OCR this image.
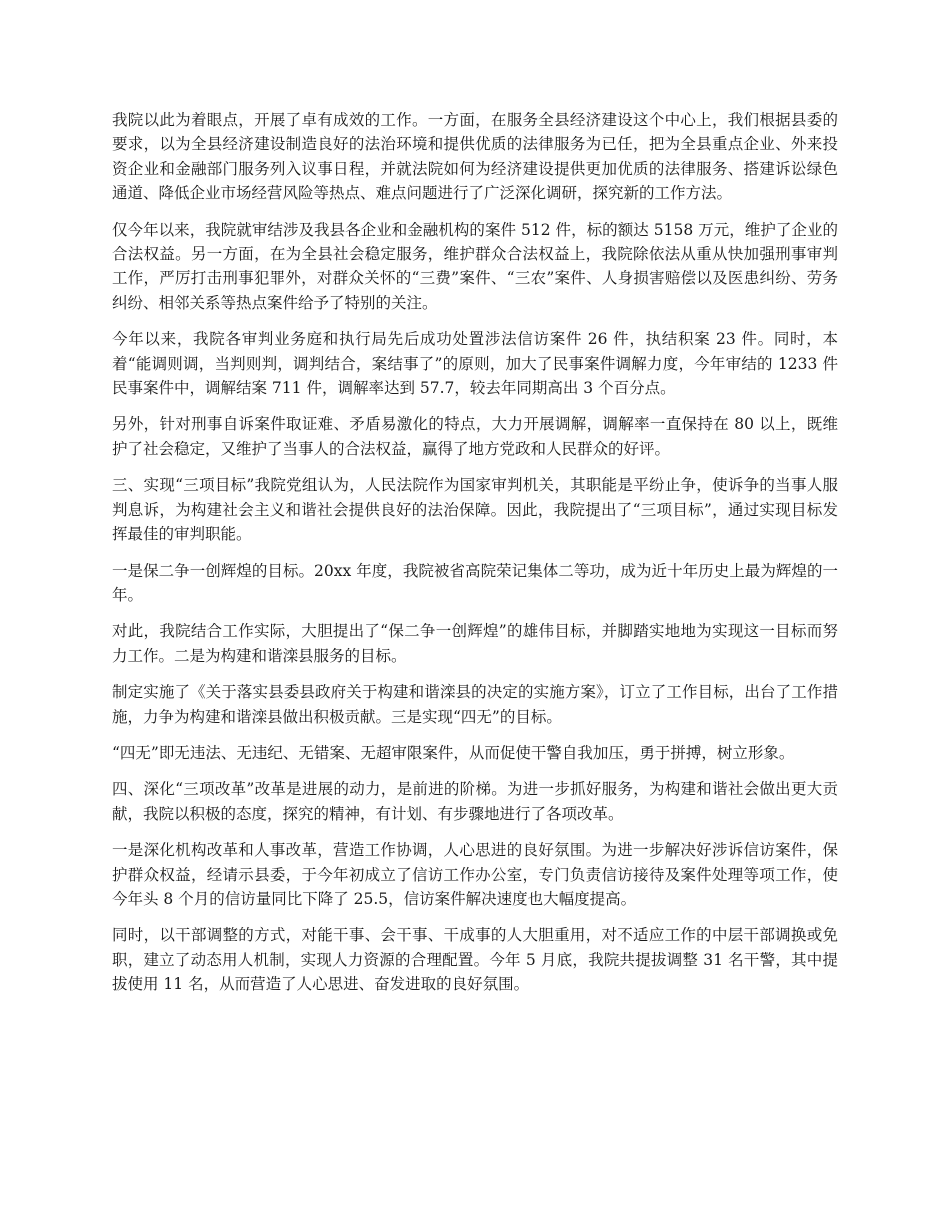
我院以此为着眼点，开展了卓有成效的工作。一方面，在服务全县经济建设这个中心上，我们根据县委的要求，以为全县经济建设制造良好的法治环境和提供优质的法律服务为已任，把为全县重点企业、外来投资企业和金融部门服务列入议事日程，并就法院如何为经济建设提供更加优质的法律服务、搭建诉讼绿色通道、降低企业市场经营风险等热点、难点问题进行了广泛深化调研，探究新的工作方法。

仅今年以来，我院就审结涉及我县各企业和金融机构的案件 512 件，标的额达 5158 万元，维护了企业的合法权益。另一方面，在为全县社会稳定服务，维护群众合法权益上，我院除依法从重从快加强刑事审判工作，严厉打击刑事犯罪外，对群众关怀的“三费”案件、“三农”案件、人身损害赔偿以及医患纠纷、劳务纠纷、相邻关系等热点案件给予了特别的关注。

今年以来，我院各审判业务庭和执行局先后成功处置涉法信访案件 26 件，执结积案 23 件。同时，本着“能调则调，当判则判，调判结合，案结事了”的原则，加大了民事案件调解力度，今年审结的 1233 件民事案件中，调解结案 711 件，调解率达到 57.7，较去年同期高出 3 个百分点。

另外，针对刑事自诉案件取证难、矛盾易激化的特点，大力开展调解，调解率一直保持在 80 以上，既维护了社会稳定，又维护了当事人的合法权益，赢得了地方党政和人民群众的好评。

三、实现“三项目标”我院党组认为，人民法院作为国家审判机关，其职能是平纷止争，使诉争的当事人服判息诉，为构建社会主义和谐社会提供良好的法治保障。因此，我院提出了“三项目标”，通过实现目标发挥最佳的审判职能。

一是保二争一创辉煌的目标。20xx 年度，我院被省高院荣记集体二等功，成为近十年历史上最为辉煌的一年。

对此，我院结合工作实际，大胆提出了“保二争一创辉煌”的雄伟目标，并脚踏实地地为实现这一目标而努力工作。二是为构建和谐滦县服务的目标。

制定实施了《关于落实县委县政府关于构建和谐滦县的决定的实施方案》，订立了工作目标，出台了工作措施，力争为构建和谐滦县做出积极贡献。三是实现“四无”的目标。

“四无”即无违法、无违纪、无错案、无超审限案件，从而促使干警自我加压，勇于拼搏，树立形象。

四、深化“三项改革”改革是进展的动力，是前进的阶梯。为进一步抓好服务，为构建和谐社会做出更大贡献，我院以积极的态度，探究的精神，有计划、有步骤地进行了各项改革。

一是深化机构改革和人事改革，营造工作协调，人心思进的良好氛围。为进一步解决好涉诉信访案件，保护群众权益，经请示县委，于今年初成立了信访工作办公室，专门负责信访接待及案件处理等项工作，使今年头 8 个月的信访量同比下降了 25.5，信访案件解决速度也大幅度提高。

同时，以干部调整的方式，对能干事、会干事、干成事的人大胆重用，对不适应工作的中层干部调换或免职，建立了动态用人机制，实现人力资源的合理配置。今年 5 月底，我院共提拔调整 31 名干警，其中提拔使用 11 名，从而营造了人心思进、奋发进取的良好氛围。
